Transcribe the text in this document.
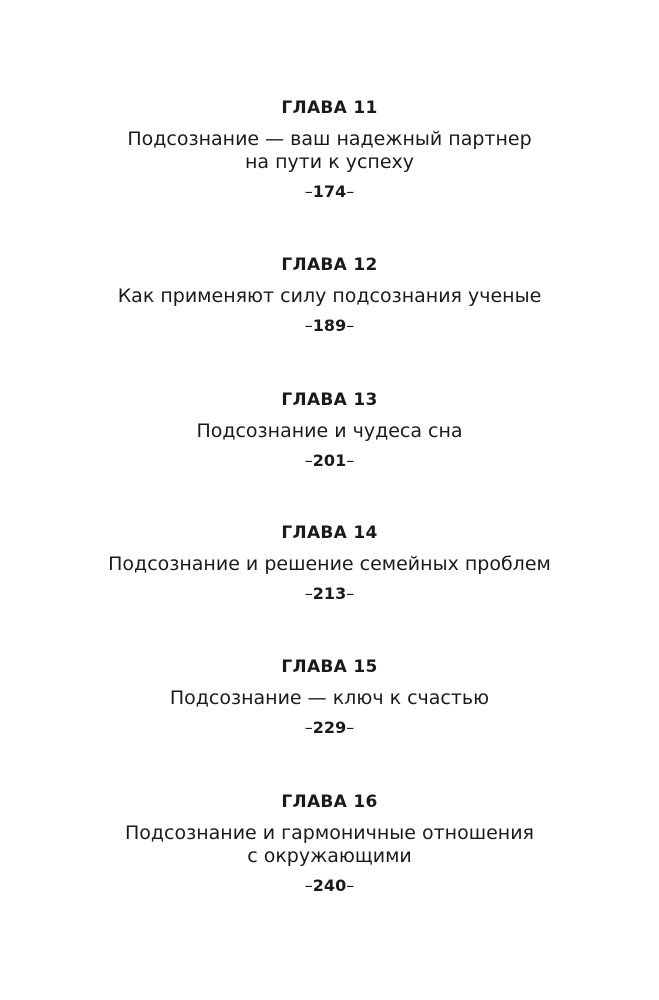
ГЛАВА 11
Подсознание — ваш надежный партнер
на пути к успеху
–174–
ГЛАВА 12
Как применяют силу подсознания ученые
–189–
ГЛАВА 13
Подсознание и чудеса сна
–201–
ГЛАВА 14
Подсознание и решение семейных проблем
–213–
ГЛАВА 15
Подсознание — ключ к счастью
–229–
ГЛАВА 16
Подсознание и гармоничные отношения
с окружающими
–240–
